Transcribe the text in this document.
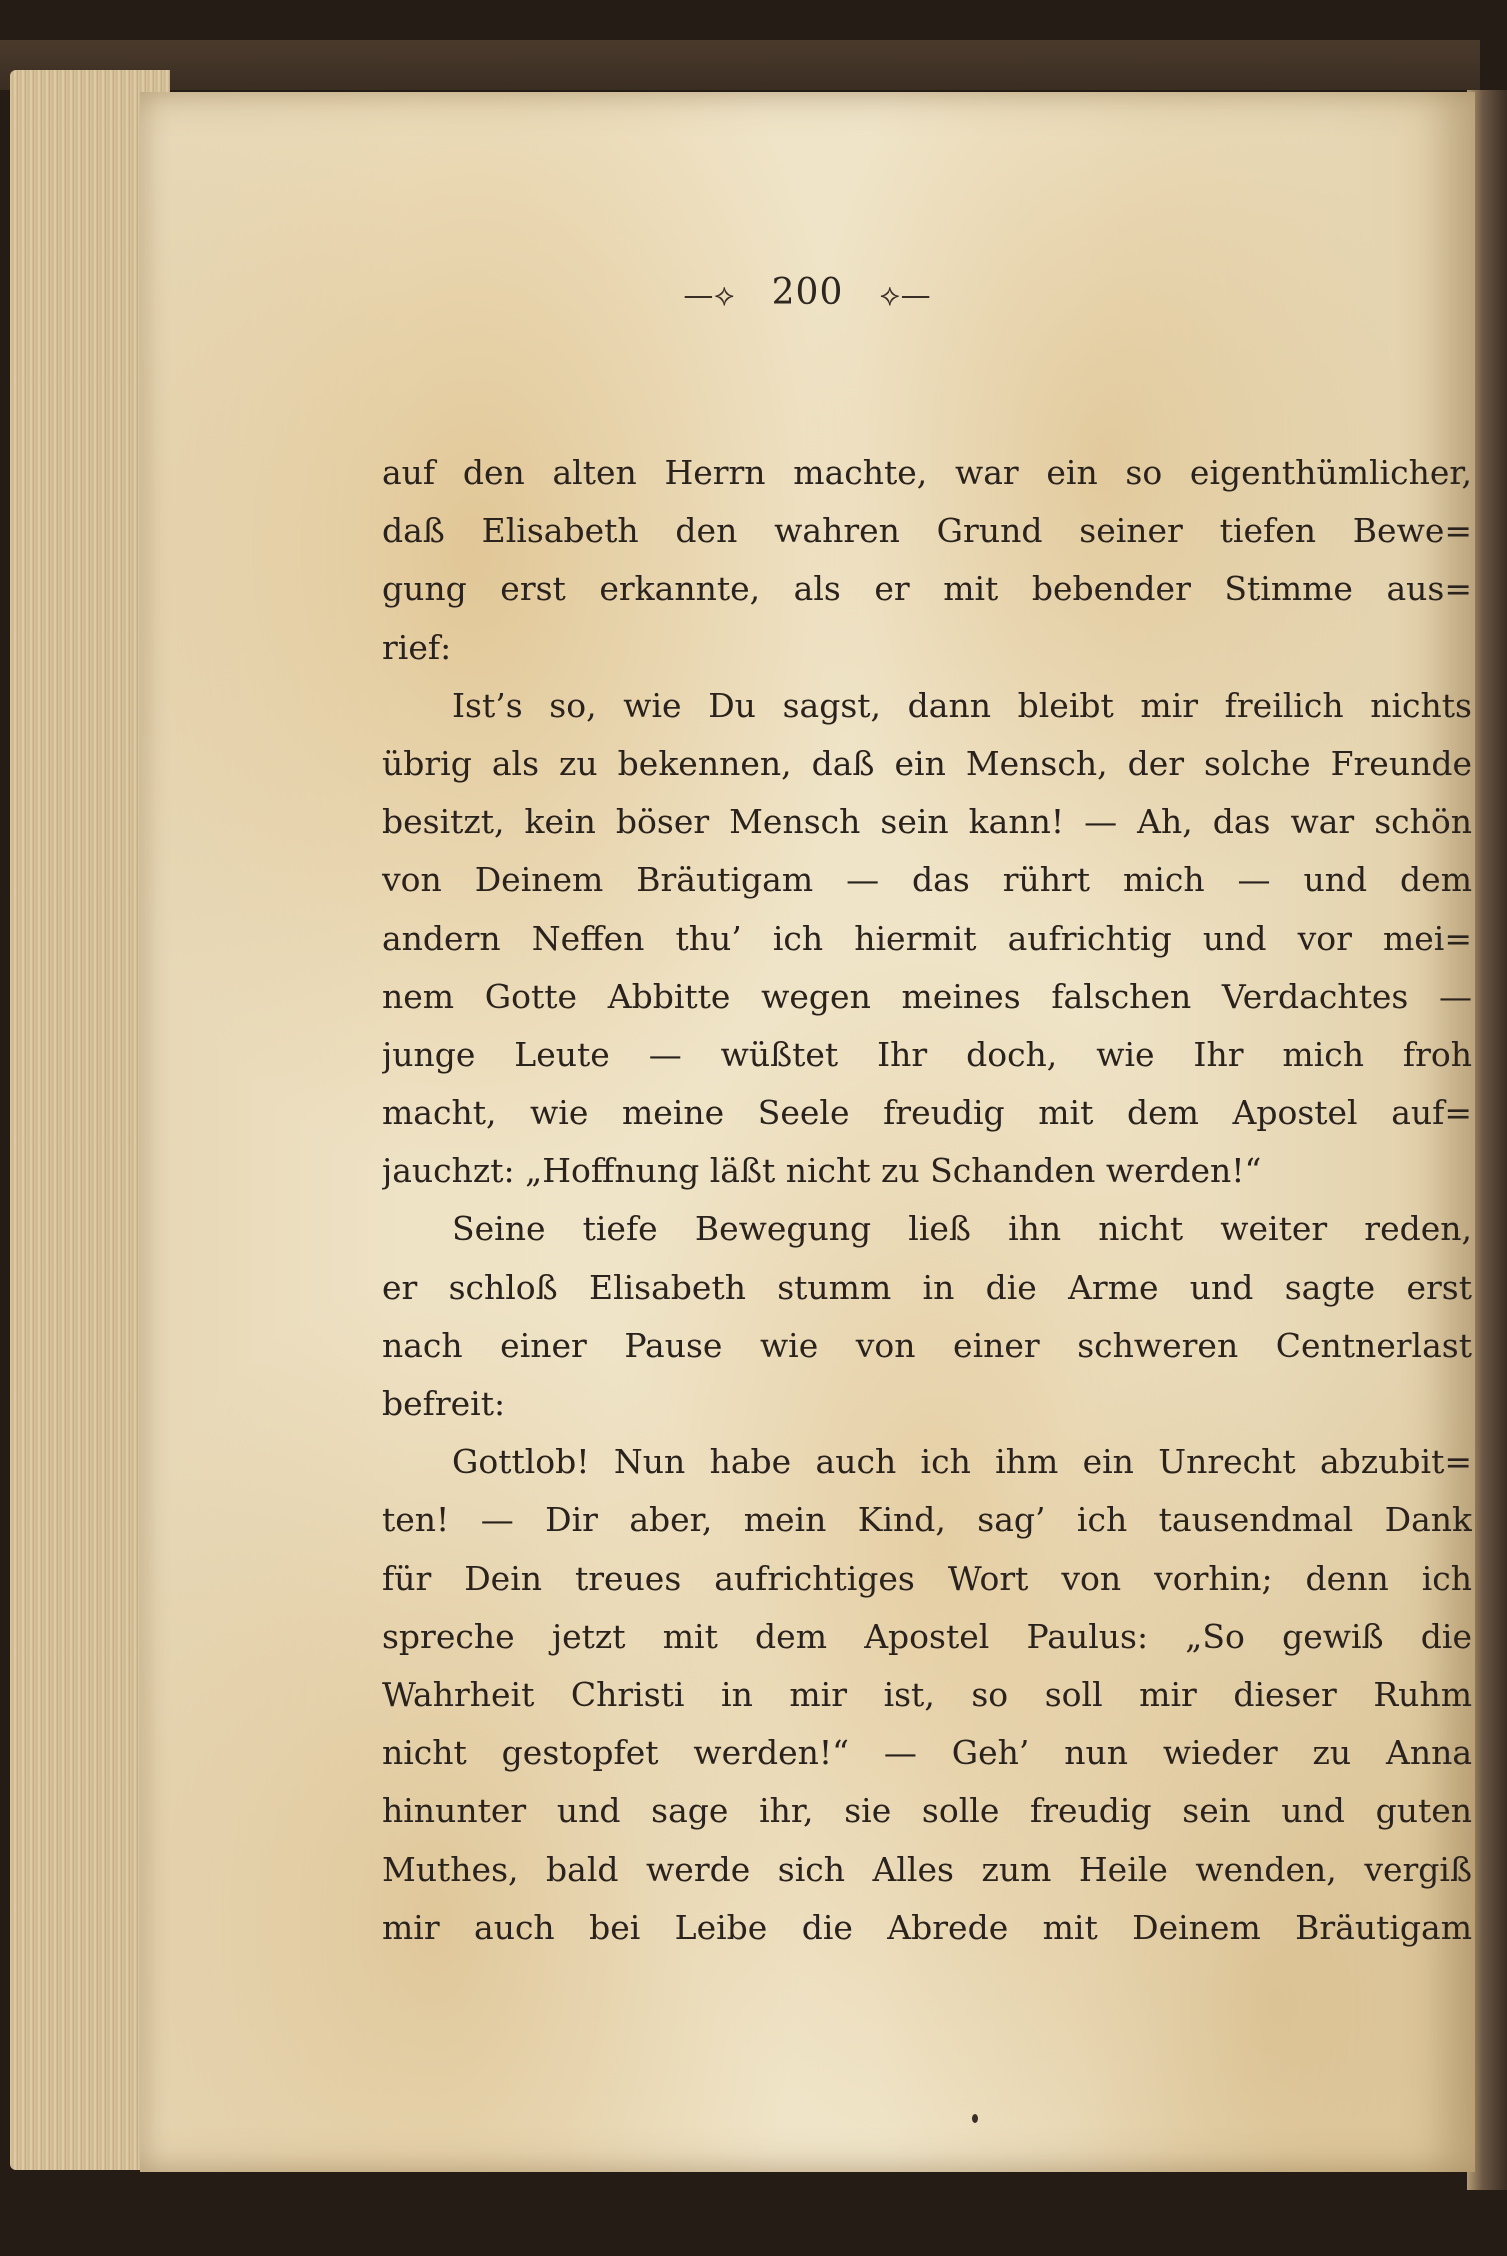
—⟡ 200 ⟡—
auf den alten Herrn machte, war ein so eigenthümlicher,
daß Elisabeth den wahren Grund seiner tiefen Bewe=
gung erst erkannte, als er mit bebender Stimme aus=
rief:
Ist’s so, wie Du sagst, dann bleibt mir freilich nichts
übrig als zu bekennen, daß ein Mensch, der solche Freunde
besitzt, kein böser Mensch sein kann! — Ah, das war schön
von Deinem Bräutigam — das rührt mich — und dem
andern Neffen thu’ ich hiermit aufrichtig und vor mei=
nem Gotte Abbitte wegen meines falschen Verdachtes —
junge Leute — wüßtet Ihr doch, wie Ihr mich froh
macht, wie meine Seele freudig mit dem Apostel auf=
jauchzt: „Hoffnung läßt nicht zu Schanden werden!“
Seine tiefe Bewegung ließ ihn nicht weiter reden,
er schloß Elisabeth stumm in die Arme und sagte erst
nach einer Pause wie von einer schweren Centnerlast
befreit:
Gottlob! Nun habe auch ich ihm ein Unrecht abzubit=
ten! — Dir aber, mein Kind, sag’ ich tausendmal Dank
für Dein treues aufrichtiges Wort von vorhin; denn ich
spreche jetzt mit dem Apostel Paulus: „So gewiß die
Wahrheit Christi in mir ist, so soll mir dieser Ruhm
nicht gestopfet werden!“ — Geh’ nun wieder zu Anna
hinunter und sage ihr, sie solle freudig sein und guten
Muthes, bald werde sich Alles zum Heile wenden, vergiß
mir auch bei Leibe die Abrede mit Deinem Bräutigam
